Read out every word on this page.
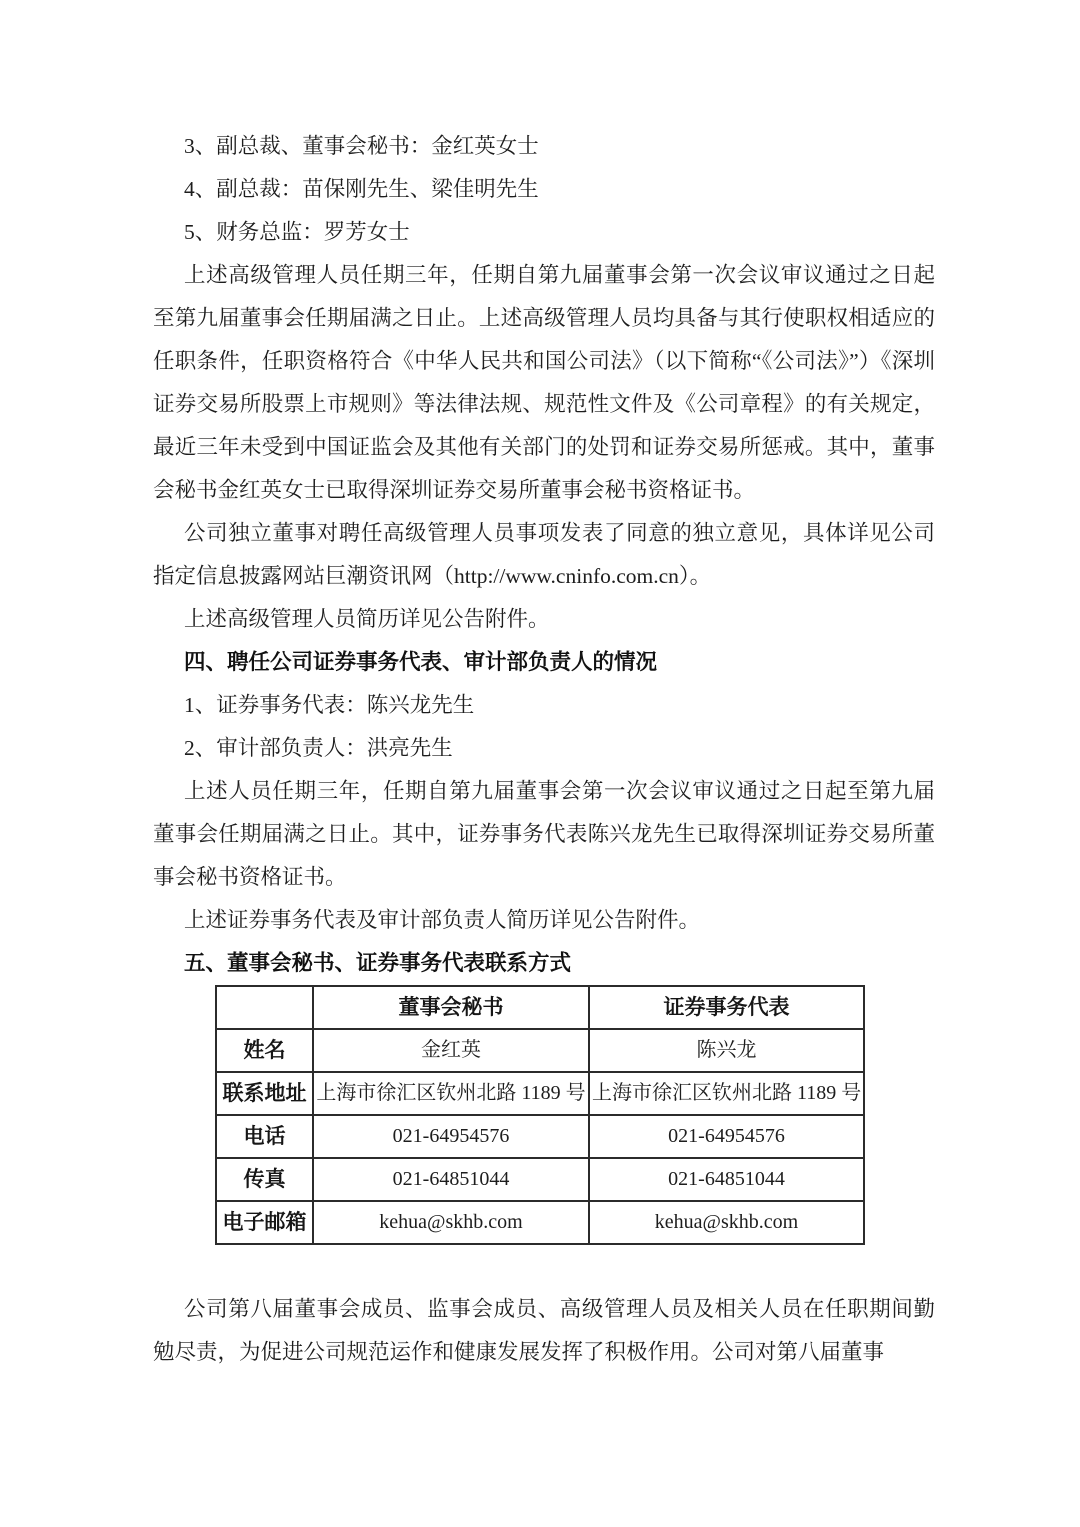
3、副总裁、董事会秘书：金红英女士

4、副总裁：苗保刚先生、梁佳明先生

5、财务总监：罗芳女士

上述高级管理人员任期三年，任期自第九届董事会第一次会议审议通过之日起至第九届董事会任期届满之日止。上述高级管理人员均具备与其行使职权相适应的任职条件，任职资格符合《中华人民共和国公司法》（以下简称“《公司法》”）《深圳证券交易所股票上市规则》等法律法规、规范性文件及《公司章程》的有关规定，最近三年未受到中国证监会及其他有关部门的处罚和证券交易所惩戒。其中，董事会秘书金红英女士已取得深圳证券交易所董事会秘书资格证书。

公司独立董事对聘任高级管理人员事项发表了同意的独立意见，具体详见公司指定信息披露网站巨潮资讯网（http://www.cninfo.com.cn）。

上述高级管理人员简历详见公告附件。

四、聘任公司证券事务代表、审计部负责人的情况

1、证券事务代表：陈兴龙先生

2、审计部负责人：洪亮先生

上述人员任期三年，任期自第九届董事会第一次会议审议通过之日起至第九届董事会任期届满之日止。其中，证券事务代表陈兴龙先生已取得深圳证券交易所董事会秘书资格证书。

上述证券事务代表及审计部负责人简历详见公告附件。

五、董事会秘书、证券事务代表联系方式
	董事会秘书	证券事务代表
姓名	金红英	陈兴龙
联系地址	上海市徐汇区钦州北路 1189 号	上海市徐汇区钦州北路 1189 号
电话	021-64954576	021-64954576
传真	021-64851044	021-64851044
电子邮箱	kehua@skhb.com	kehua@skhb.com

公司第八届董事会成员、监事会成员、高级管理人员及相关人员在任职期间勤勉尽责，为促进公司规范运作和健康发展发挥了积极作用。公司对第八届董事
